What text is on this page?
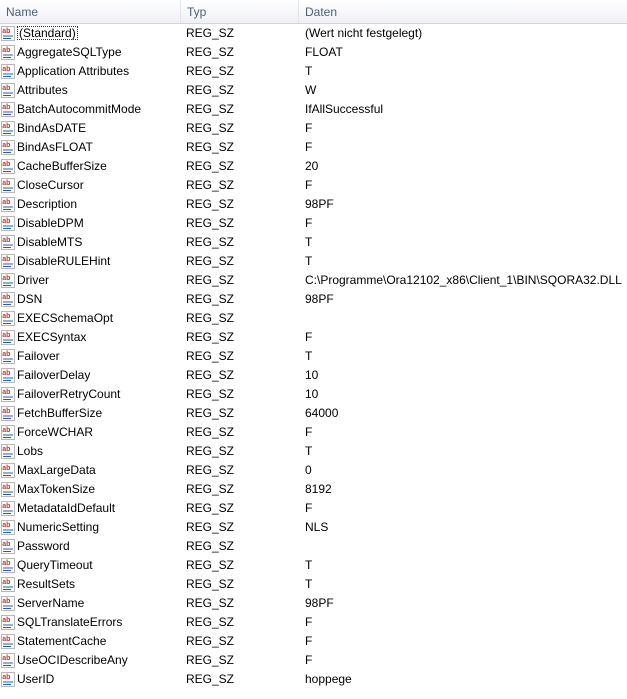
Name	Typ	Daten
ab (Standard)	REG_SZ	(Wert nicht festgelegt)
ab AggregateSQLType	REG_SZ	FLOAT
ab Application Attributes	REG_SZ	T
ab Attributes	REG_SZ	W
ab BatchAutocommitMode	REG_SZ	IfAllSuccessful
ab BindAsDATE	REG_SZ	F
ab BindAsFLOAT	REG_SZ	F
ab CacheBufferSize	REG_SZ	20
ab CloseCursor	REG_SZ	F
ab Description	REG_SZ	98PF
ab DisableDPM	REG_SZ	F
ab DisableMTS	REG_SZ	T
ab DisableRULEHint	REG_SZ	T
ab Driver	REG_SZ	C:\Programme\Ora12102_x86\Client_1\BIN\SQORA32.DLL
ab DSN	REG_SZ	98PF
ab EXECSchemaOpt	REG_SZ
ab EXECSyntax	REG_SZ	F
ab Failover	REG_SZ	T
ab FailoverDelay	REG_SZ	10
ab FailoverRetryCount	REG_SZ	10
ab FetchBufferSize	REG_SZ	64000
ab ForceWCHAR	REG_SZ	F
ab Lobs	REG_SZ	T
ab MaxLargeData	REG_SZ	0
ab MaxTokenSize	REG_SZ	8192
ab MetadataIdDefault	REG_SZ	F
ab NumericSetting	REG_SZ	NLS
ab Password	REG_SZ
ab QueryTimeout	REG_SZ	T
ab ResultSets	REG_SZ	T
ab ServerName	REG_SZ	98PF
ab SQLTranslateErrors	REG_SZ	F
ab StatementCache	REG_SZ	F
ab UseOCIDescribeAny	REG_SZ	F
ab UserID	REG_SZ	hoppege
